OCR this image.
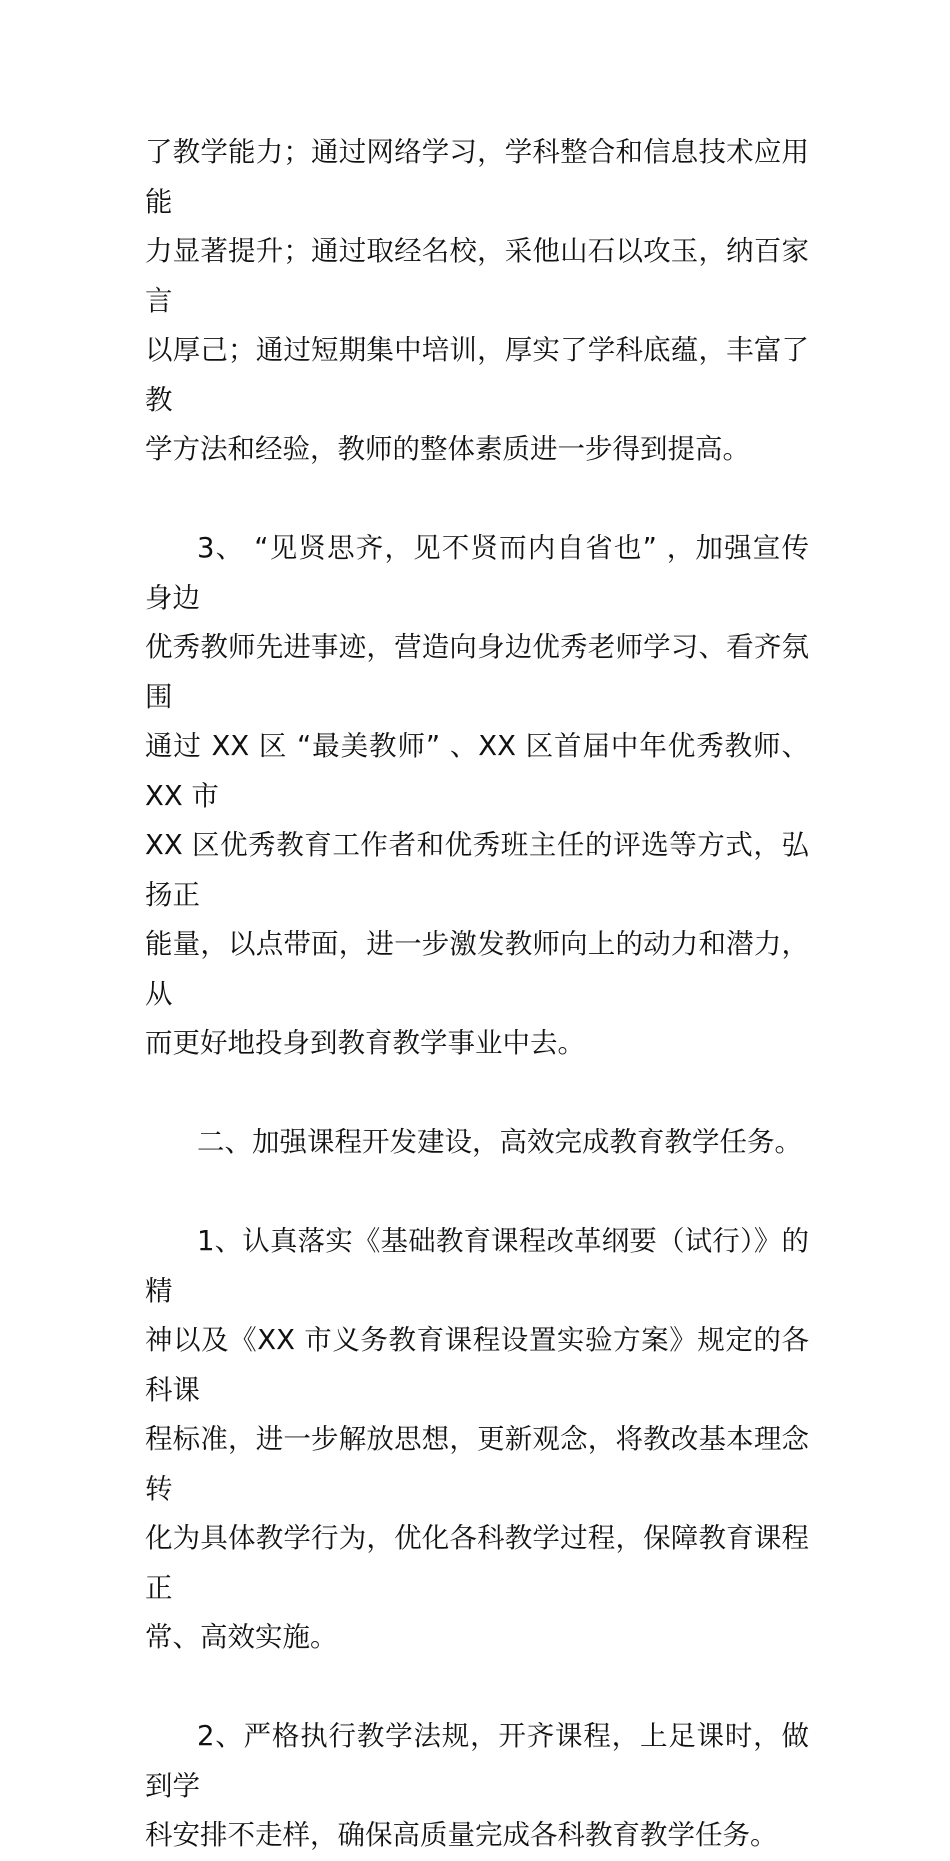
了教学能力；通过网络学习，学科整合和信息技术应用能
力显著提升；通过取经名校，采他山石以攻玉，纳百家言
以厚己；通过短期集中培训，厚实了学科底蕴，丰富了教
学方法和经验，教师的整体素质进一步得到提高。
3、 “见贤思齐，见不贤而内自省也” ，加强宣传身边
优秀教师先进事迹，营造向身边优秀老师学习、看齐氛围
通过 XX 区 “最美教师” 、XX 区首届中年优秀教师、XX 市
XX 区优秀教育工作者和优秀班主任的评选等方式，弘扬正
能量，以点带面，进一步激发教师向上的动力和潜力，从
而更好地投身到教育教学事业中去。
二、加强课程开发建设，高效完成教育教学任务。
1、认真落实《基础教育课程改革纲要（试行）》的精
神以及《XX 市义务教育课程设置实验方案》规定的各科课
程标准，进一步解放思想，更新观念，将教改基本理念转
化为具体教学行为，优化各科教学过程，保障教育课程正
常、高效实施。
2、严格执行教学法规，开齐课程，上足课时，做到学
科安排不走样，确保高质量完成各科教育教学任务。
